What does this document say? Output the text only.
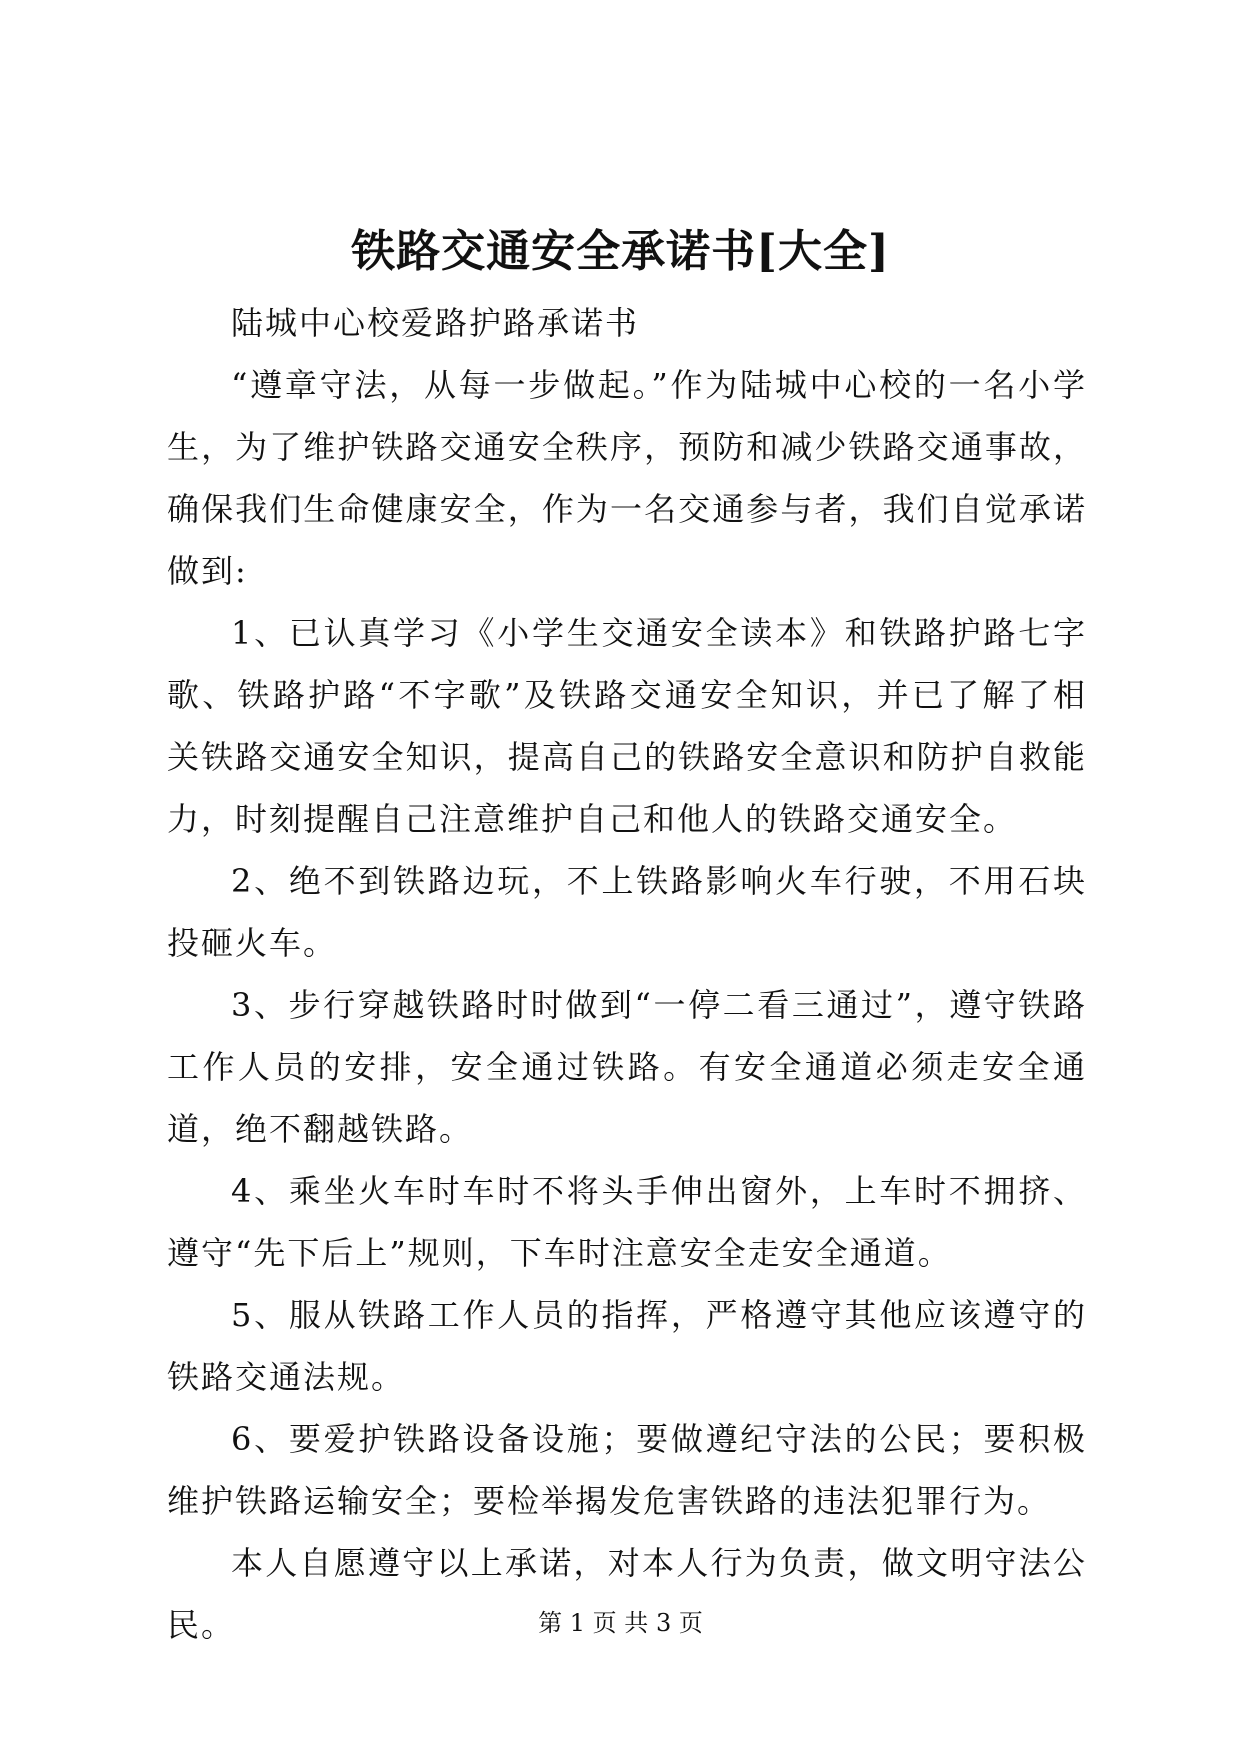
铁路交通安全承诺书[大全]

陆城中心校爱路护路承诺书

“遵章守法，从每一步做起。”作为陆城中心校的一名小学生，为了维护铁路交通安全秩序，预防和减少铁路交通事故，确保我们生命健康安全，作为一名交通参与者，我们自觉承诺做到:

1、已认真学习《小学生交通安全读本》和铁路护路七字歌、铁路护路“不字歌”及铁路交通安全知识，并已了解了相关铁路交通安全知识，提高自己的铁路安全意识和防护自救能力，时刻提醒自己注意维护自己和他人的铁路交通安全。

2、绝不到铁路边玩，不上铁路影响火车行驶，不用石块投砸火车。

3、步行穿越铁路时时做到“一停二看三通过”，遵守铁路工作人员的安排，安全通过铁路。有安全通道必须走安全通道，绝不翻越铁路。

4、乘坐火车时车时不将头手伸出窗外，上车时不拥挤、遵守“先下后上”规则，下车时注意安全走安全通道。

5、服从铁路工作人员的指挥，严格遵守其他应该遵守的铁路交通法规。

6、要爱护铁路设备设施；要做遵纪守法的公民；要积极维护铁路运输安全；要检举揭发危害铁路的违法犯罪行为。

本人自愿遵守以上承诺，对本人行为负责，做文明守法公民。	第 1 页 共 3 页
